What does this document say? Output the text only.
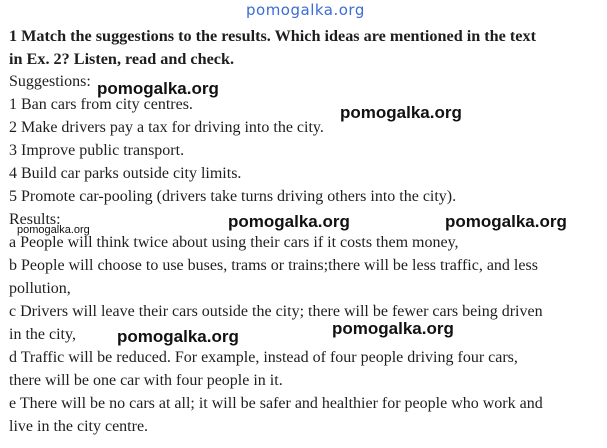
pomogalka.org
1 Match the suggestions to the results. Which ideas are mentioned in the text
in Ex. 2? Listen, read and check.
Suggestions: pomogalka.org
1 Ban cars from city centres.	pomogalka.org
2 Make drivers pay a tax for driving into the city.
3 Improve public transport.
4 Build car parks outside city limits.
5 Promote car-pooling (drivers take turns driving others into the city).
Results:	pomogalka.org	pomogalka.org
pomogalka.org
a People will think twice about using their cars if it costs them money,
b People will choose to use buses, trams or trains;there will be less traffic, and less
pollution,
c Drivers will leave their cars outside the city; there will be fewer cars being driven
pomogalka.org
in the city, pomogalka.org
d Traffic will be reduced. For example, instead of four people driving four cars,
there will be one car with four people in it.
e There will be no cars at all; it will be safer and healthier for people who work and
live in the city centre.
